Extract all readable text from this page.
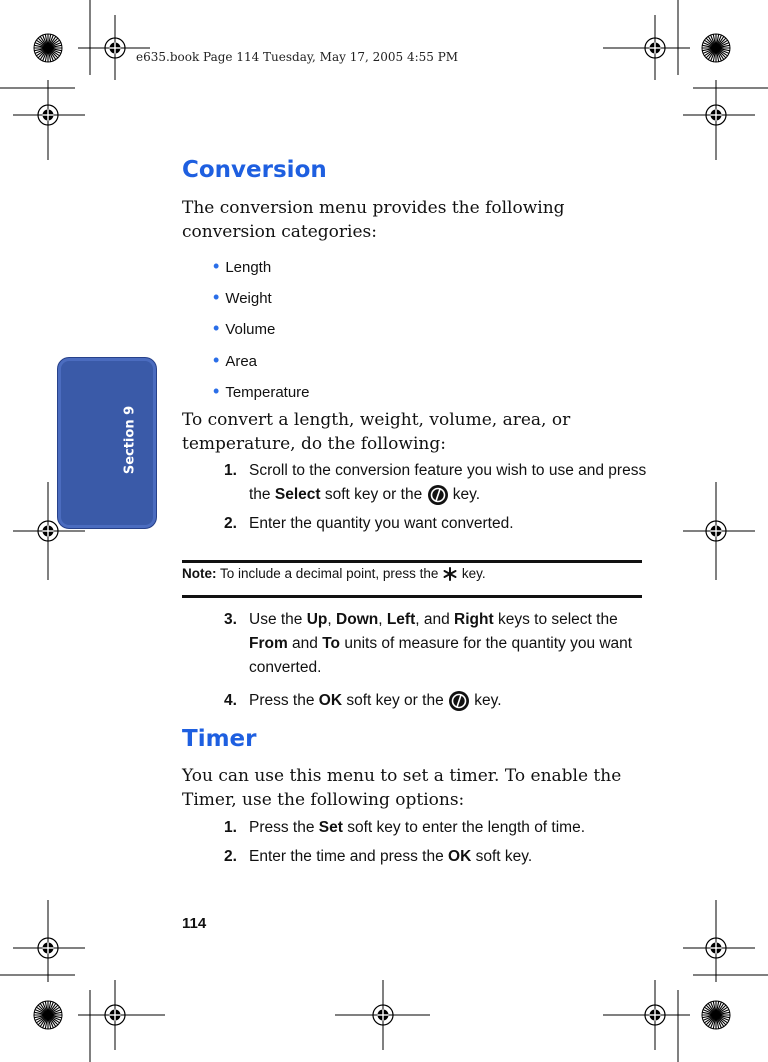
e635.book Page 114 Tuesday, May 17, 2005 4:55 PM
Section 9
Conversion
The conversion menu provides the following conversion categories:
• Length
• Weight
• Volume
• Area
• Temperature
To convert a length, weight, volume, area, or temperature, do the following:
1. Scroll to the conversion feature you wish to use and press the Select soft key or the  key.
2. Enter the quantity you want converted.
Note: To include a decimal point, press the  key.
3. Use the Up, Down, Left, and Right keys to select the From and To units of measure for the quantity you want converted.
4. Press the OK soft key or the  key.
Timer
You can use this menu to set a timer. To enable the Timer, use the following options:
1. Press the Set soft key to enter the length of time.
2. Enter the time and press the OK soft key.
114
